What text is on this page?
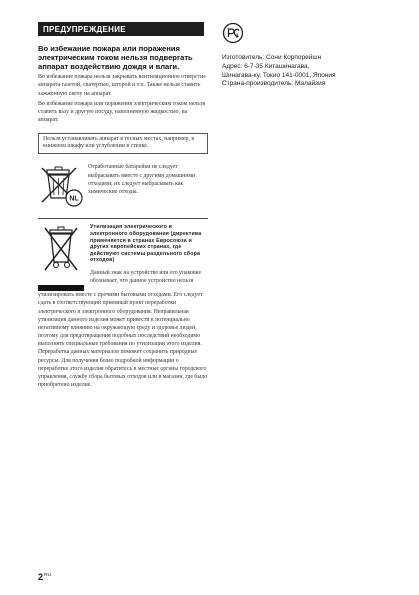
ПРЕДУПРЕЖДЕНИЕ
Во избежание пожара или поражения электрическим током нельзя подвергать аппарат воздействию дождя и влаги.

Во избежание пожара нельзя закрывать вентиляционное отверстие аппарата газетой, скатертью, шторой и т.п. Также нельзя ставить зажженную свечу на аппарат.

Во избежание пожара или поражения электрическим током нельзя ставить вазу и другую посуду, наполненную жидкостью, на аппарат.

Нельзя устанавливать аппарат в тесных местах, например, в книжном шкафу или углублении в стенке.
NL
Отработанные батарейки не следует выбрасывать вместе с другими домашними отходами; их следует выбрасывать как химические отходы.
Утилизация электрического и электронного оборудования (директива применяется в странах Евросоюза и других европейских странах, где действуют системы раздельного сбора отходов)
Данный знак на устройстве или его упаковке обозначает, что данное устройство нельзя
утилизировать вместе с прочими бытовыми отходами. Его следует сдать в соответствующий приемный пункт переработки электрического и электронного оборудования. Неправильная утилизация данного изделия может привести к потенциально негативному влиянию на окружающую среду и здоровье людей, поэтому для предотвращения подобных последствий необходимо выполнять специальные требования по утилизации этого изделия. Переработка данных материалов поможет сохранить природные ресурсы. Для получения более подробной информации о переработке этого изделия обратитесь в местные органы городского управления, службу сбора бытовых отходов или в магазин, где было приобретено изделие.
Изготовитель: Сони Корпорейшн
Адрес: 6-7-35 Киташинагава,
Шинагава-ку, Токио 141-0001, Япония
Страна-производитель: Малайзия
$2^{RU}$
